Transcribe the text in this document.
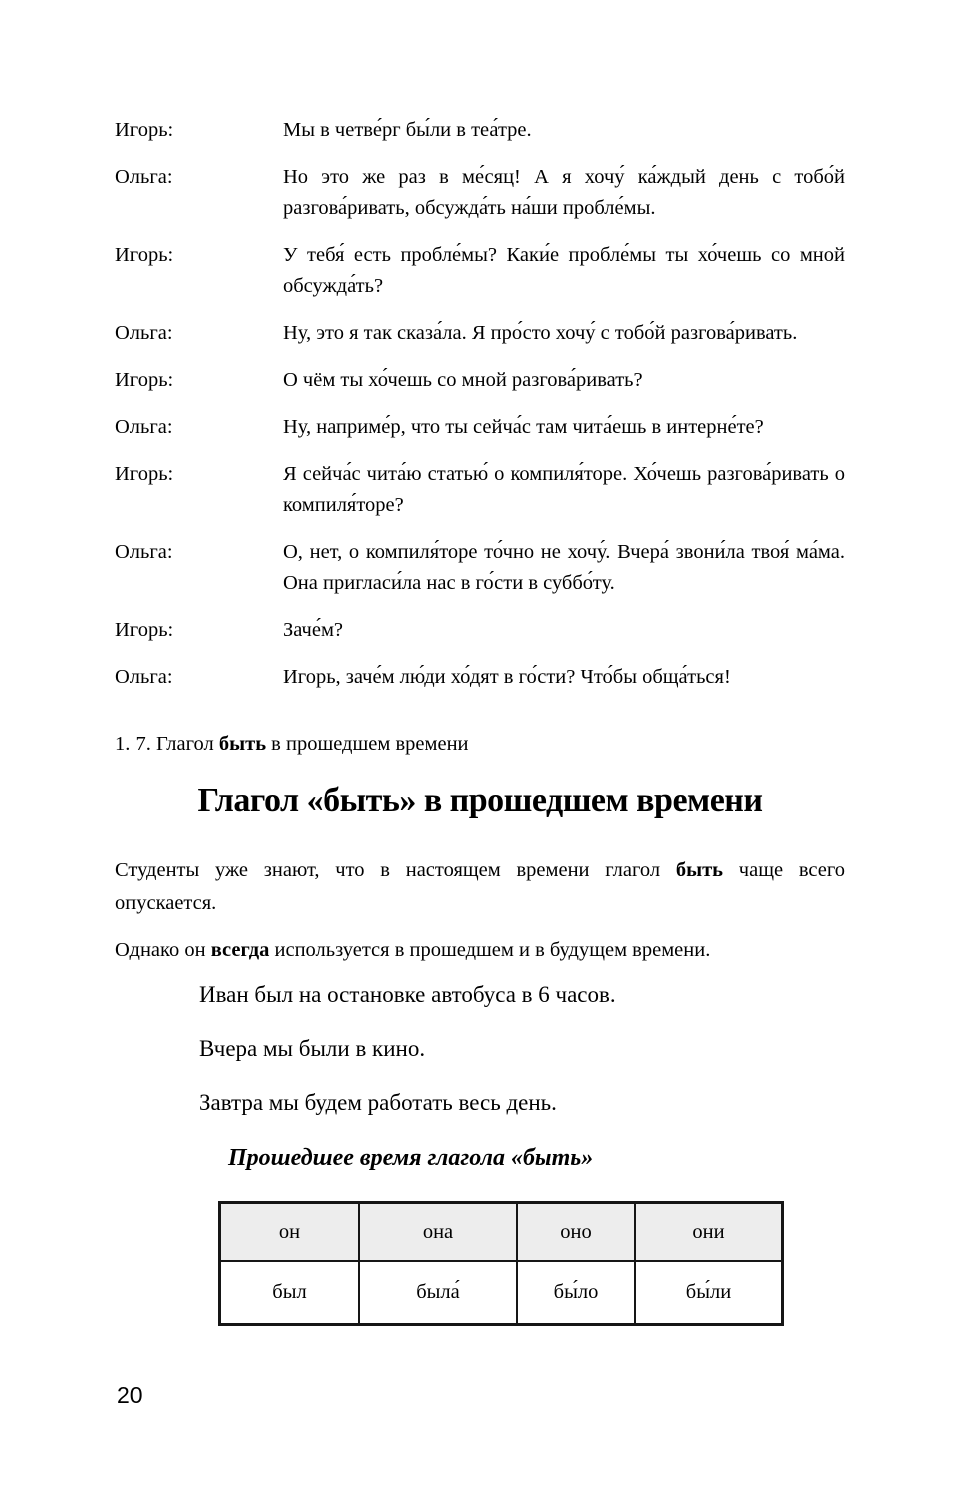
Игорь:	Мы в четве́рг бы́ли в теа́тре.
Ольга:	Но это же раз в ме́сяц! А я хочу́ ка́ждый день с тобо́й разгова́ривать, обсужда́ть на́ши пробле́мы.
Игорь:	У тебя́ есть пробле́мы? Каки́е пробле́мы ты хо́чешь со мной обсужда́ть?
Ольга:	Ну, это я так сказа́ла. Я про́сто хочу́ с тобо́й разгова́ривать.
Игорь:	О чём ты хо́чешь со мной разгова́ривать?
Ольга:	Ну, наприме́р, что ты сейча́с там чита́ешь в интерне́те?
Игорь:	Я сейча́с чита́ю статью́ о компиля́торе. Хо́чешь разгова́ривать о компиля́торе?
Ольга:	О, нет, о компиля́торе то́чно не хочу́. Вчера́ звони́ла твоя́ ма́ма. Она пригласи́ла нас в го́сти в суббо́ту.
Игорь:	Заче́м?
Ольга:	Игорь, заче́м лю́ди хо́дят в го́сти? Что́бы обща́ться!
1. 7. Глагол быть в прошедшем времени
Глагол «быть» в прошедшем времени
Студенты уже знают, что в настоящем времени глагол быть чаще всего опускается.
Однако он всегда используется в прошедшем и в будущем времени.
Иван был на остановке автобуса в 6 часов.
Вчера мы были в кино.
Завтра мы будем работать весь день.
Прошедшее время глагола «быть»
он	она	оно	они
был	была́	бы́ло	бы́ли
20
